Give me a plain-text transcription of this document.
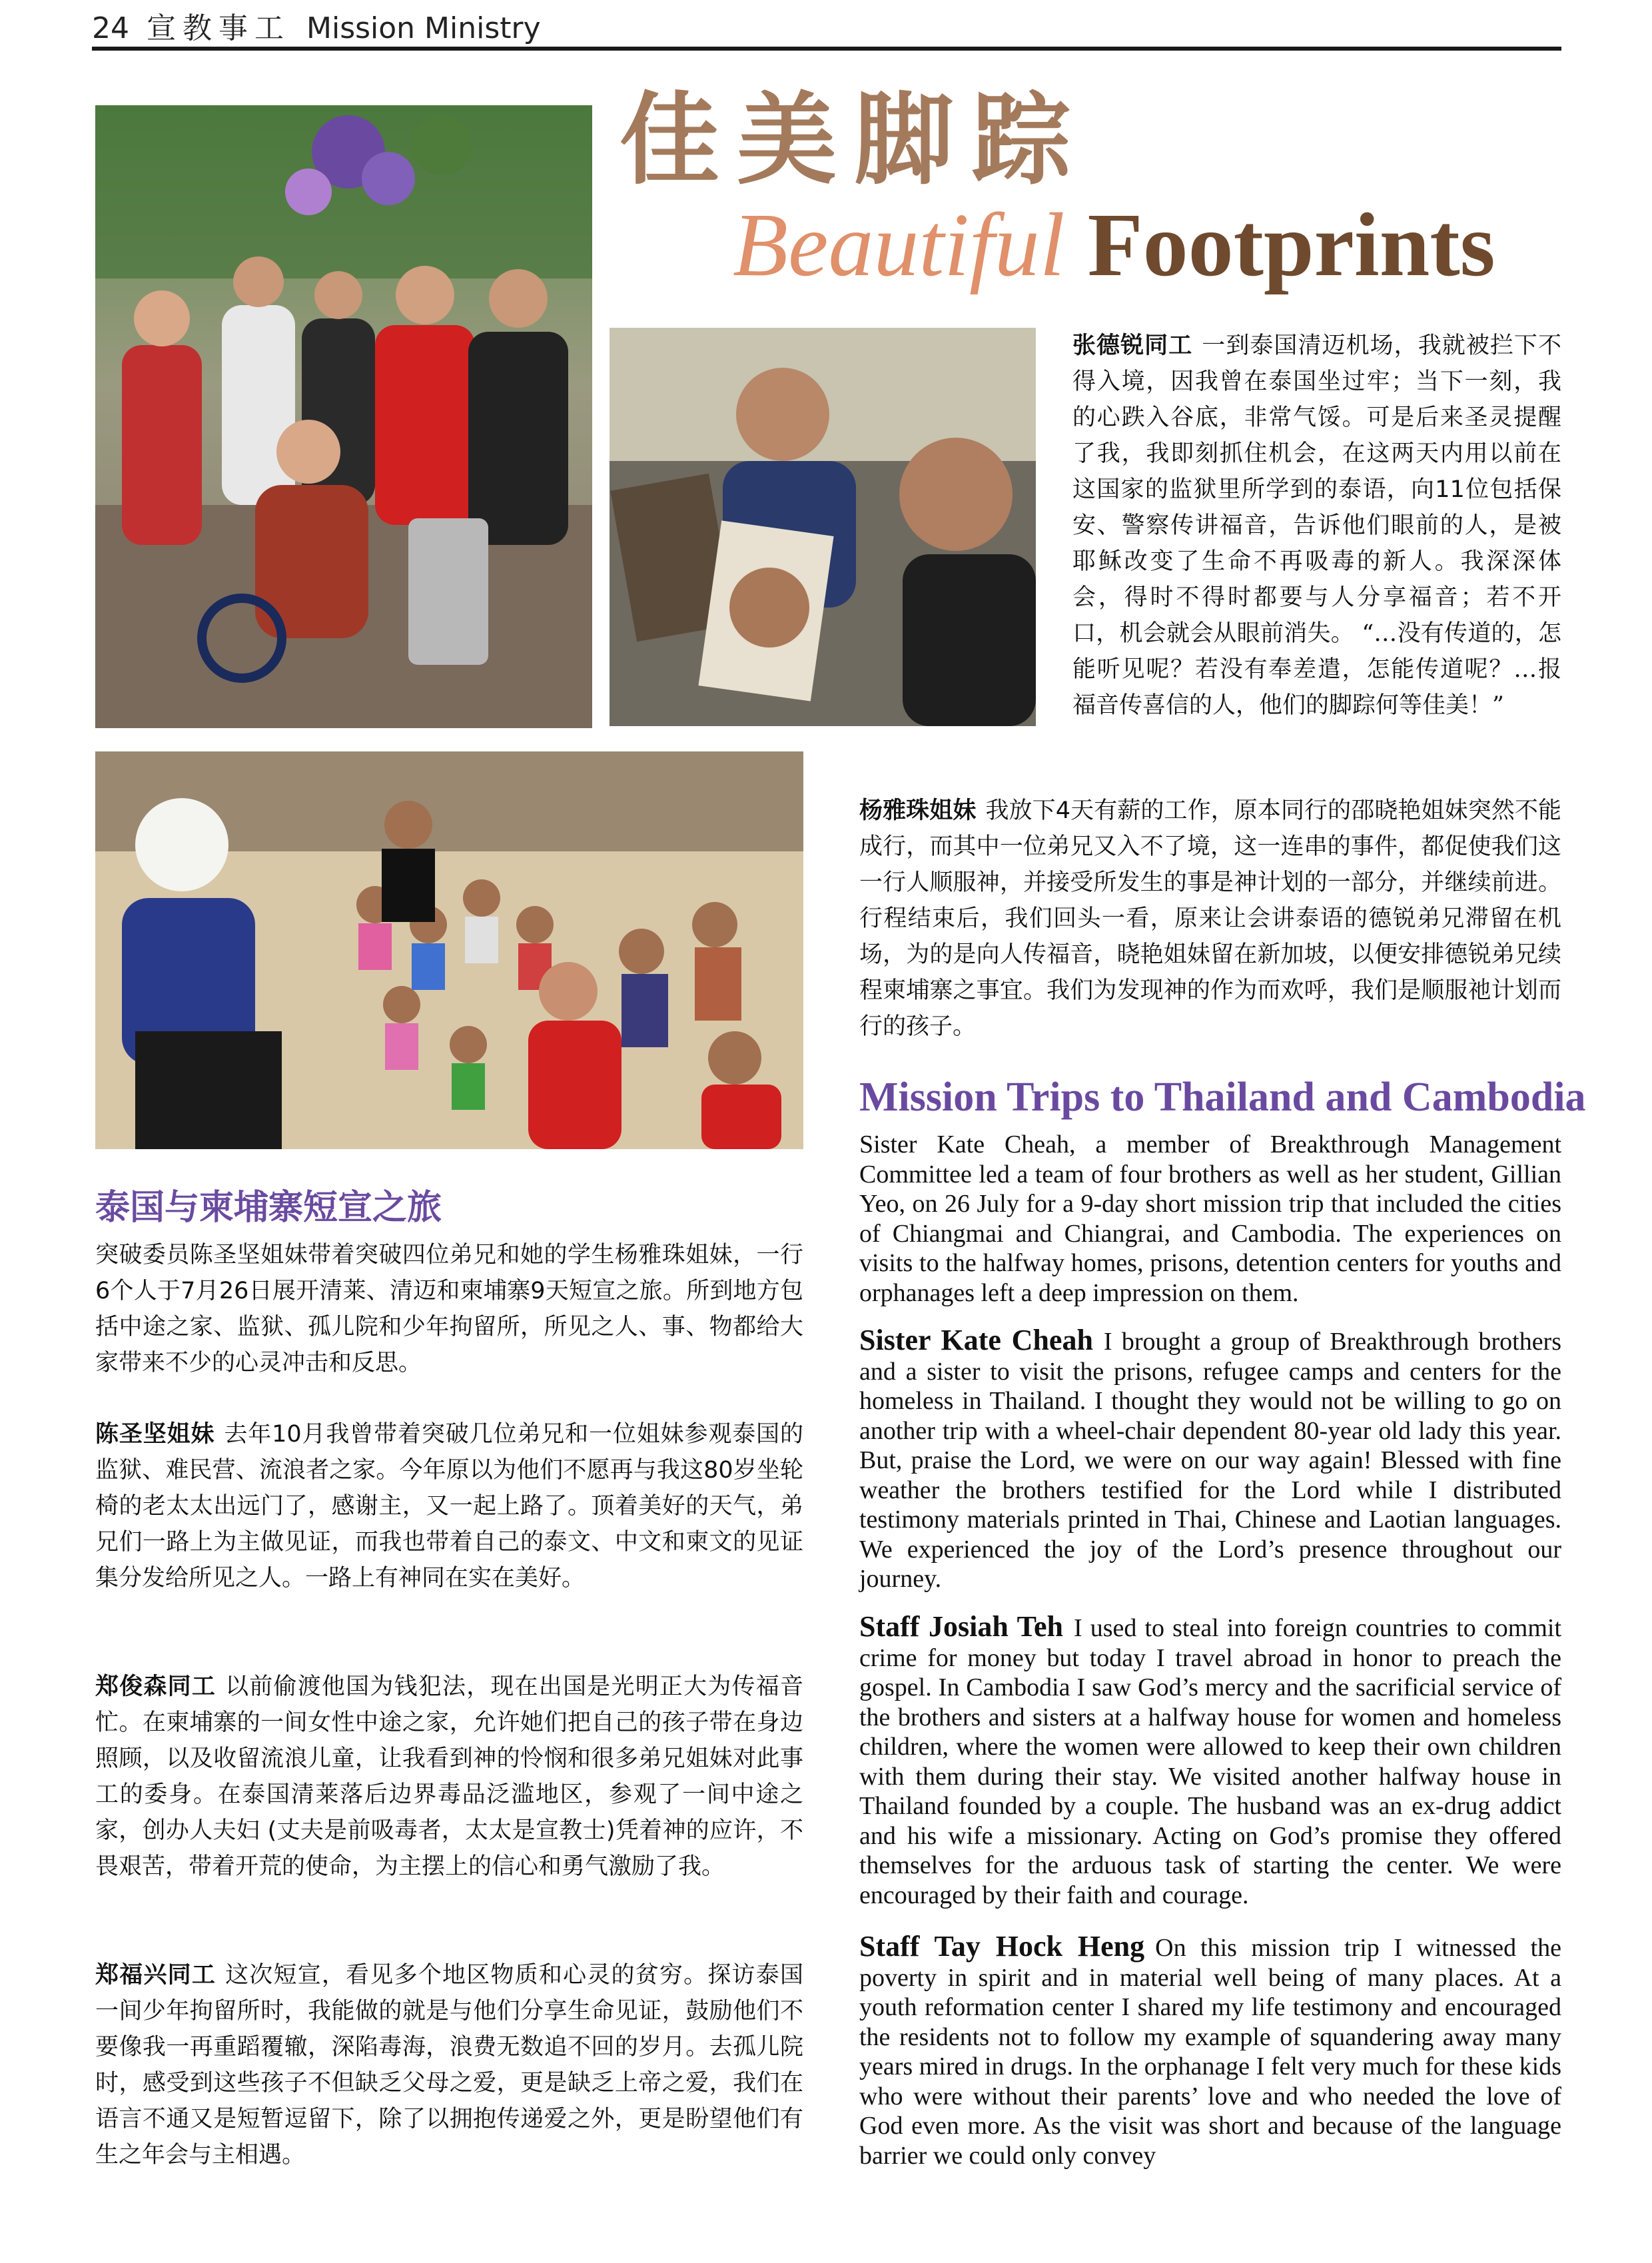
24 宣教事工 Mission Ministry
佳美脚踪
Beautiful Footprints
张德锐同工 一到泰国清迈机场，我就被拦下不得入境，因我曾在泰国坐过牢；当下一刻，我的心跌入谷底，非常气馁。可是后来圣灵提醒了我，我即刻抓住机会，在这两天内用以前在这国家的监狱里所学到的泰语，向11位包括保安、警察传讲福音，告诉他们眼前的人，是被耶稣改变了生命不再吸毒的新人。我深深体会，得时不得时都要与人分享福音；若不开口，机会就会从眼前消失。 “…没有传道的，怎能听见呢？若没有奉差遣，怎能传道呢？…报福音传喜信的人，他们的脚踪何等佳美！”
杨雅珠姐妹 我放下4天有薪的工作，原本同行的邵晓艳姐妹突然不能成行，而其中一位弟兄又入不了境，这一连串的事件，都促使我们这一行人顺服神，并接受所发生的事是神计划的一部分，并继续前进。行程结束后，我们回头一看，原来让会讲泰语的德锐弟兄滞留在机场，为的是向人传福音，晓艳姐妹留在新加坡，以便安排德锐弟兄续程柬埔寨之事宜。我们为发现神的作为而欢呼，我们是顺服祂计划而行的孩子。
泰国与柬埔寨短宣之旅
突破委员陈圣坚姐妹带着突破四位弟兄和她的学生杨雅珠姐妹，一行6个人于7月26日展开清莱、清迈和柬埔寨9天短宣之旅。所到地方包括中途之家、监狱、孤儿院和少年拘留所，所见之人、事、物都给大家带来不少的心灵冲击和反思。
陈圣坚姐妹 去年10月我曾带着突破几位弟兄和一位姐妹参观泰国的监狱、难民营、流浪者之家。今年原以为他们不愿再与我这80岁坐轮椅的老太太出远门了，感谢主，又一起上路了。顶着美好的天气，弟兄们一路上为主做见证，而我也带着自己的泰文、中文和柬文的见证集分发给所见之人。一路上有神同在实在美好。
郑俊森同工 以前偷渡他国为钱犯法，现在出国是光明正大为传福音忙。在柬埔寨的一间女性中途之家，允许她们把自己的孩子带在身边照顾，以及收留流浪儿童，让我看到神的怜悯和很多弟兄姐妹对此事工的委身。在泰国清莱落后边界毒品泛滥地区，参观了一间中途之家，创办人夫妇 (丈夫是前吸毒者，太太是宣教士)凭着神的应许，不畏艰苦，带着开荒的使命，为主摆上的信心和勇气激励了我。
郑福兴同工 这次短宣，看见多个地区物质和心灵的贫穷。探访泰国一间少年拘留所时，我能做的就是与他们分享生命见证，鼓励他们不要像我一再重蹈覆辙，深陷毒海，浪费无数追不回的岁月。去孤儿院时，感受到这些孩子不但缺乏父母之爱，更是缺乏上帝之爱，我们在语言不通又是短暂逗留下，除了以拥抱传递爱之外，更是盼望他们有生之年会与主相遇。
Mission Trips to Thailand and Cambodia
Sister Kate Cheah, a member of Breakthrough Management Committee led a team of four brothers as well as her student, Gillian Yeo, on 26 July for a 9-day short mission trip that included the cities of Chiangmai and Chiangrai, and Cambodia. The experiences on visits to the halfway homes, prisons, detention centers for youths and orphanages left a deep impression on them.
Sister Kate Cheah I brought a group of Breakthrough brothers and a sister to visit the prisons, refugee camps and centers for the homeless in Thailand. I thought they would not be willing to go on another trip with a wheel-chair dependent 80-year old lady this year. But, praise the Lord, we were on our way again! Blessed with fine weather the brothers testified for the Lord while I distributed testimony materials printed in Thai, Chinese and Laotian languages. We experienced the joy of the Lord’s presence throughout our journey.
Staff Josiah Teh I used to steal into foreign countries to commit crime for money but today I travel abroad in honor to preach the gospel. In Cambodia I saw God’s mercy and the sacrificial service of the brothers and sisters at a halfway house for women and homeless children, where the women were allowed to keep their own children with them during their stay. We visited another halfway house in Thailand founded by a couple. The husband was an ex-drug addict and his wife a missionary. Acting on God’s promise they offered themselves for the arduous task of starting the center. We were encouraged by their faith and courage.
Staff Tay Hock Heng On this mission trip I witnessed the poverty in spirit and in material well being of many places. At a youth reformation center I shared my life testimony and encouraged the residents not to follow my example of squandering away many years mired in drugs. In the orphanage I felt very much for these kids who were without their parents’ love and who needed the love of God even more. As the visit was short and because of the language barrier we could only convey
